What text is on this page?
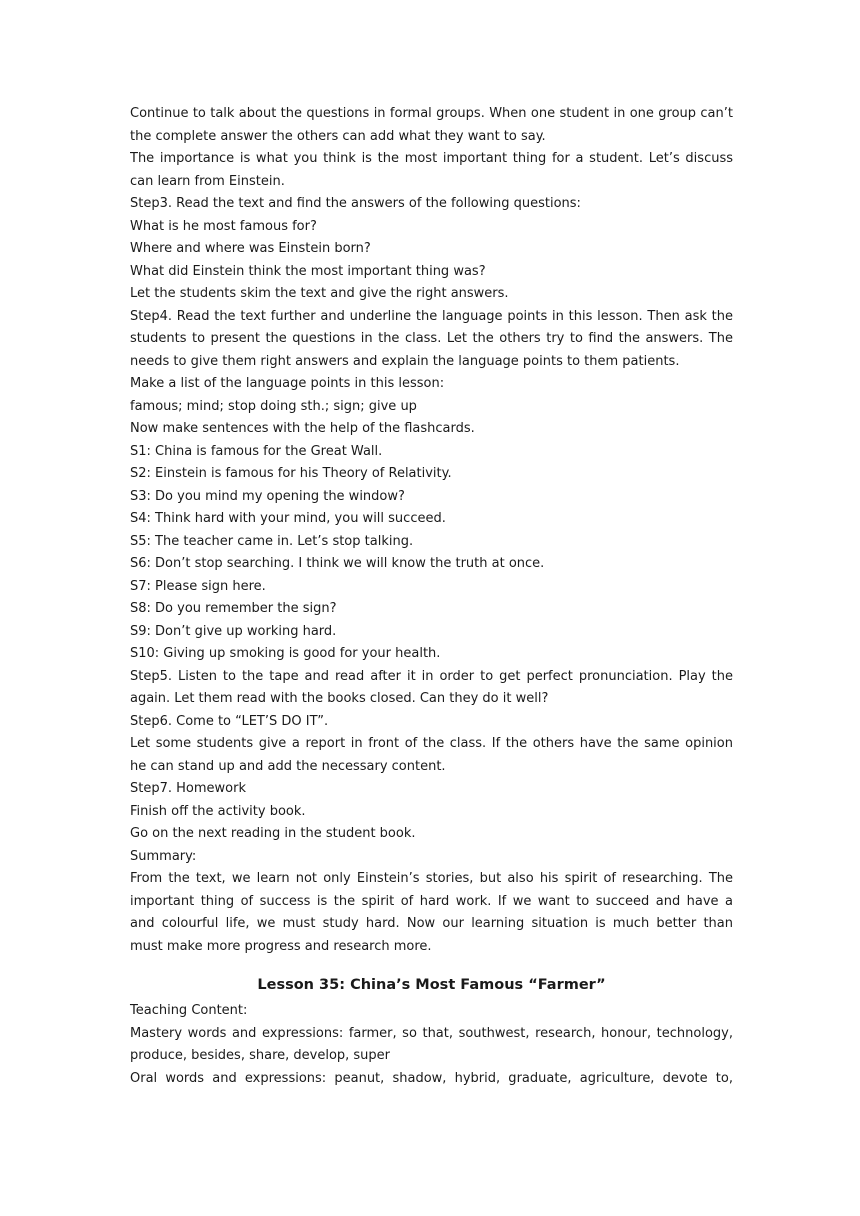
Continue to talk about the questions in formal groups. When one student in one group can’t
the complete answer the others can add what they want to say.
The importance is what you think is the most important thing for a student. Let’s discuss
can learn from Einstein.
Step3. Read the text and find the answers of the following questions:
What is he most famous for?
Where and where was Einstein born?
What did Einstein think the most important thing was?
Let the students skim the text and give the right answers.
Step4. Read the text further and underline the language points in this lesson. Then ask the
students to present the questions in the class. Let the others try to find the answers. The
needs to give them right answers and explain the language points to them patients.
Make a list of the language points in this lesson:
famous; mind; stop doing sth.; sign; give up
Now make sentences with the help of the flashcards.
S1: China is famous for the Great Wall.
S2: Einstein is famous for his Theory of Relativity.
S3: Do you mind my opening the window?
S4: Think hard with your mind, you will succeed.
S5: The teacher came in. Let’s stop talking.
S6: Don’t stop searching. I think we will know the truth at once.
S7: Please sign here.
S8: Do you remember the sign?
S9: Don’t give up working hard.
S10: Giving up smoking is good for your health.
Step5. Listen to the tape and read after it in order to get perfect pronunciation. Play the
again. Let them read with the books closed. Can they do it well?
Step6. Come to “LET’S DO IT”.
Let some students give a report in front of the class. If the others have the same opinion
he can stand up and add the necessary content.
Step7. Homework
Finish off the activity book.
Go on the next reading in the student book.
Summary:
From the text, we learn not only Einstein’s stories, but also his spirit of researching. The
important thing of success is the spirit of hard work. If we want to succeed and have a
and colourful life, we must study hard. Now our learning situation is much better than
must make more progress and research more.
Lesson 35: China’s Most Famous “Farmer”
Teaching Content:
Mastery words and expressions: farmer, so that, southwest, research, honour, technology,
produce, besides, share, develop, super
Oral words and expressions: peanut, shadow, hybrid, graduate, agriculture, devote to,
